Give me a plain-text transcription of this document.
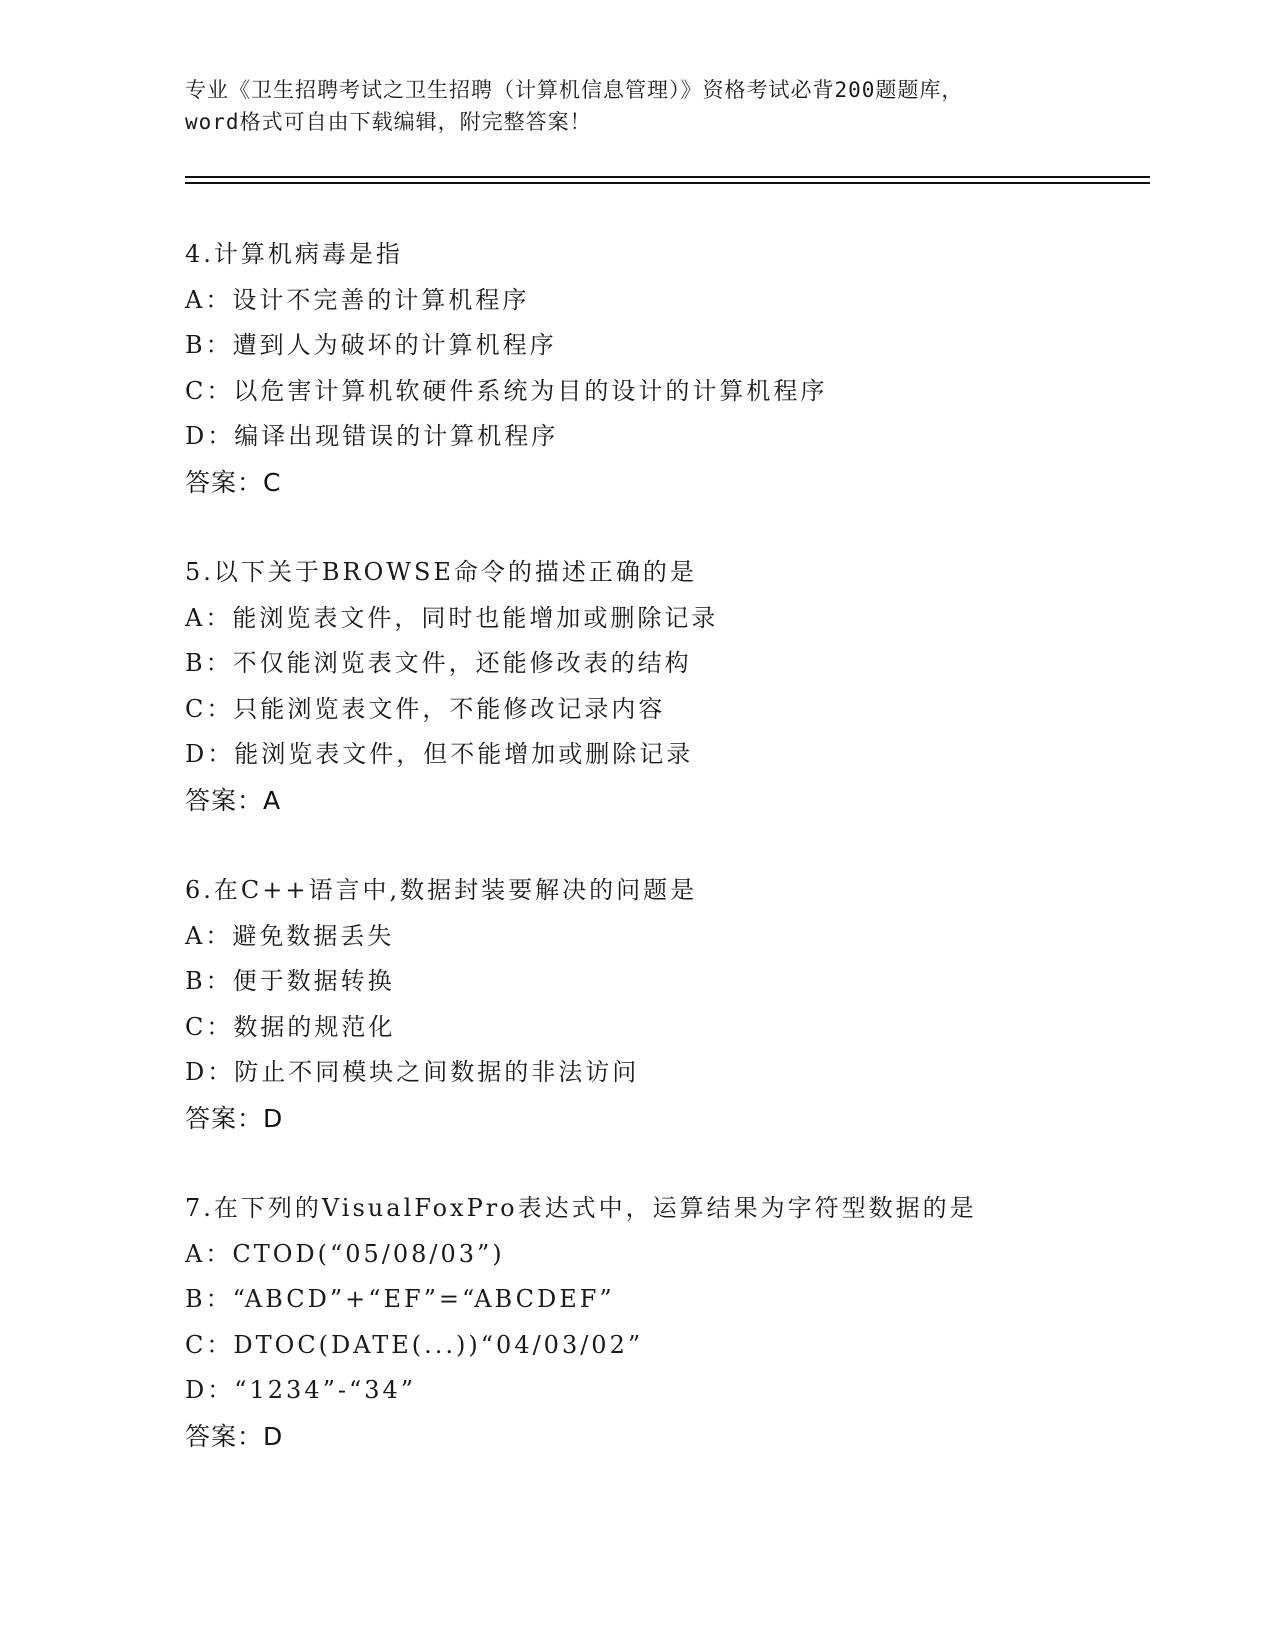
专业《卫生招聘考试之卫生招聘（计算机信息管理）》资格考试必背200题题库，

word格式可自由下载编辑，附完整答案！

4.计算机病毒是指
A：设计不完善的计算机程序
B：遭到人为破坏的计算机程序
C：以危害计算机软硬件系统为目的设计的计算机程序
D：编译出现错误的计算机程序
答案：C
5.以下关于BROWSE命令的描述正确的是
A：能浏览表文件，同时也能增加或删除记录
B：不仅能浏览表文件，还能修改表的结构
C：只能浏览表文件，不能修改记录内容
D：能浏览表文件，但不能增加或删除记录
答案：A
6.在C++语言中,数据封装要解决的问题是
A：避免数据丢失
B：便于数据转换
C：数据的规范化
D：防止不同模块之间数据的非法访问
答案：D
7.在下列的VisualFoxPro表达式中，运算结果为字符型数据的是
A：CTOD(“05/08/03”)
B：“ABCD”+“EF”=“ABCDEF”
C：DTOC(DATE(...))“04/03/02”
D：“1234”-“34”
答案：D
